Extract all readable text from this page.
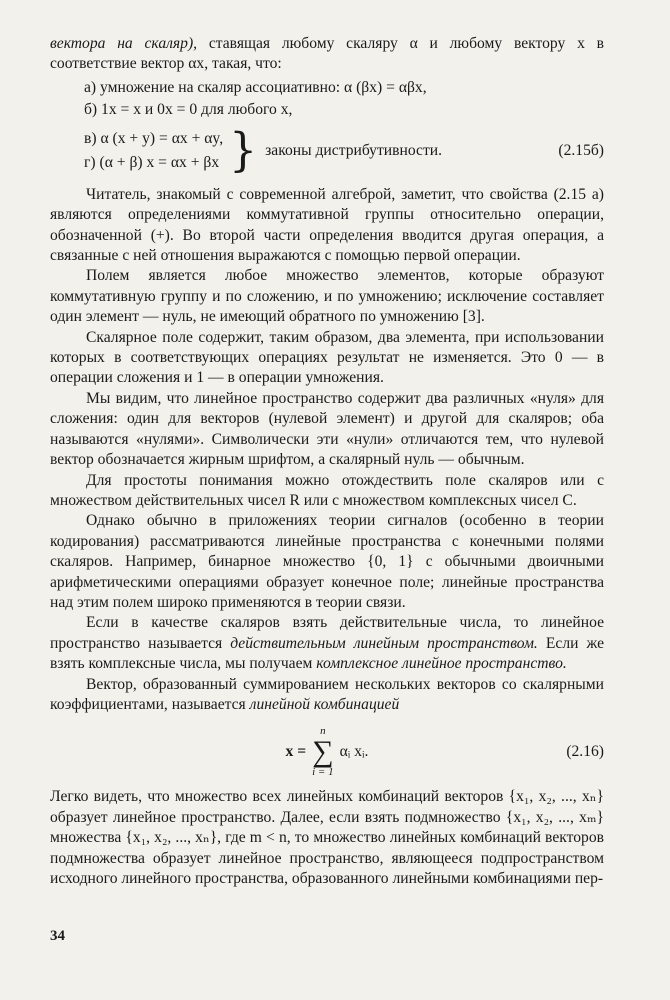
вектора на скаляр), ставящая любому скаляру α и любому вектору x в соответствие вектор αx, такая, что:

а)
умножение на скаляр ассоциативно: α (βx) = αβx,
б)
1x = x и 0x = 0 для любого x,
в)
α (x + y) = αx + αy,
г)
(α + β) x = αx + βx } законы дистрибутивности.	(2.15б)

Читатель, знакомый с современной алгеброй, заметит, что свойства (2.15 а) являются определениями коммутативной группы относительно операции, обозначенной (+). Во второй части определения вводится другая операция, а связанные с ней отношения выражаются с помощью первой операции.

Полем является любое множество элементов, которые образуют коммутативную группу и по сложению, и по умножению; исключение составляет один элемент — нуль, не имеющий обратного по умножению [3].

Скалярное поле содержит, таким образом, два элемента, при использовании которых в соответствующих операциях результат не изменяется. Это 0 — в операции сложения и 1 — в операции умножения.

Мы видим, что линейное пространство содержит два различных «нуля» для сложения: один для векторов (нулевой элемент) и другой для скаляров; оба называются «нулями». Символически эти «нули» отличаются тем, что нулевой вектор обозначается жирным шрифтом, а скалярный нуль — обычным.

Для простоты понимания можно отождествить поле скаляров или с множеством действительных чисел R или с множеством комплексных чисел C.

Однако обычно в приложениях теории сигналов (особенно в теории кодирования) рассматриваются линейные пространства с конечными полями скаляров. Например, бинарное множество {0, 1} с обычными двоичными арифметическими операциями образует конечное поле; линейные пространства над этим полем широко применяются в теории связи.

Если в качестве скаляров взять действительные числа, то линейное пространство называется действительным линейным пространством. Если же взять комплексные числа, мы получаем комплексное линейное пространство.

Вектор, образованный суммированием нескольких векторов со скалярными коэффициентами, называется линейной комбинацией

x =
n
∑
i = 1
αᵢ xᵢ.	(2.16)

Легко видеть, что множество всех линейных комбинаций векторов {x₁, x₂, ..., xₙ} образует линейное пространство. Далее, если взять подмножество {x₁, x₂, ..., xₘ} множества {x₁, x₂, ..., xₙ}, где m < n, то множество линейных комбинаций векторов подмножества образует линейное пространство, являющееся подпространством исходного линейного пространства, образованного линейными комбинациями пер-

34
